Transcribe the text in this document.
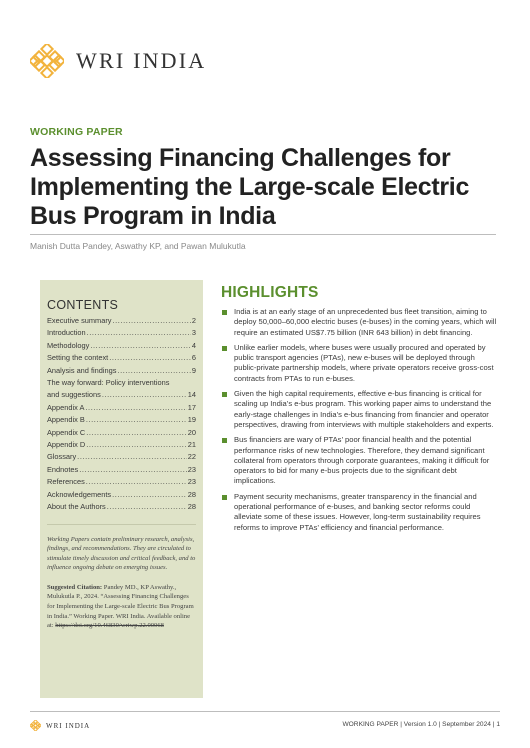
WRI INDIA
WORKING PAPER
Assessing Financing Challenges for Implementing the Large-scale Electric Bus Program in India
Manish Dutta Pandey, Aswathy KP, and Pawan Mulukutla
CONTENTS
Executive summary .....	2
Introduction .....	3
Methodology .....	4
Setting the context .....	6
Analysis and findings .....	9
The way forward: Policy interventions
and suggestions .....	14
Appendix A .....	17
Appendix B .....	19
Appendix C .....	20
Appendix D .....	21
Glossary .....	22
Endnotes .....	23
References .....	23
Acknowledgements .....	28
About the Authors .....	28

Working Papers contain preliminary research, analysis, findings, and recommendations. They are circulated to stimulate timely discussion and critical feedback, and to influence ongoing debate on emerging issues.

Suggested Citation: Pandey MD., KP Aswathy., Mulukutla P., 2024. “Assessing Financing Challenges for Implementing the Large-scale Electric Bus Program in India.” Working Paper. WRI India. Available online at: https://doi.org/10.46830/wriwp.22.00068

HIGHLIGHTS
India is at an early stage of an unprecedented bus fleet transition, aiming to deploy 50,000–60,000 electric buses (e-buses) in the coming years, which will require an estimated US$7.75 billion (INR 643 billion) in debt financing.
Unlike earlier models, where buses were usually procured and operated by public transport agencies (PTAs), new e-buses will be deployed through public-private partnership models, where private operators receive gross-cost contracts from PTAs to run e-buses.
Given the high capital requirements, effective e-bus financing is critical for scaling up India’s e-bus program. This working paper aims to understand the early-stage challenges in India’s e-bus financing from financier and operator perspectives, drawing from interviews with multiple stakeholders and experts.
Bus financiers are wary of PTAs’ poor financial health and the potential performance risks of new technologies. Therefore, they demand significant collateral from operators through corporate guarantees, making it difficult for operators to bid for many e-bus projects due to the significant debt implications.
Payment security mechanisms, greater transparency in the financial and operational performance of e-buses, and banking sector reforms could alleviate some of these issues. However, long-term sustainability requires reforms to improve PTAs’ efficiency and financial performance.
WRI INDIA	WORKING PAPER | Version 1.0 | September 2024 | 1
